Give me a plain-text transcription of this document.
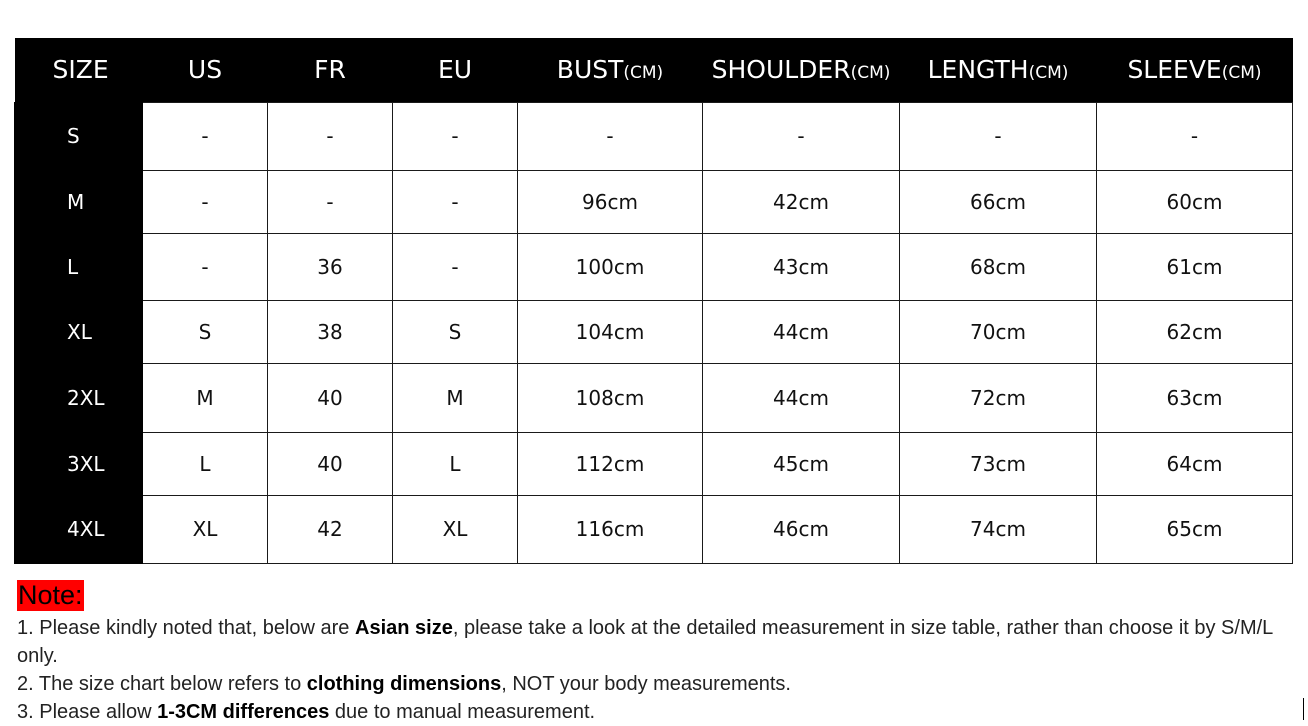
SIZE	US	FR	EU	BUST(CM)	SHOULDER(CM)	LENGTH(CM)	SLEEVE(CM)
S	-	-	-	-	-	-	-
M	-	-	-	96cm	42cm	66cm	60cm
L	-	36	-	100cm	43cm	68cm	61cm
XL	S	38	S	104cm	44cm	70cm	62cm
2XL	M	40	M	108cm	44cm	72cm	63cm
3XL	L	40	L	112cm	45cm	73cm	64cm
4XL	XL	42	XL	116cm	46cm	74cm	65cm
Note:

1. Please kindly noted that, below are Asian size, please take a look at the detailed measurement in size table, rather than choose it by S/M/L only.

2. The size chart below refers to clothing dimensions, NOT your body measurements.

3. Please allow 1-3CM differences due to manual measurement.
